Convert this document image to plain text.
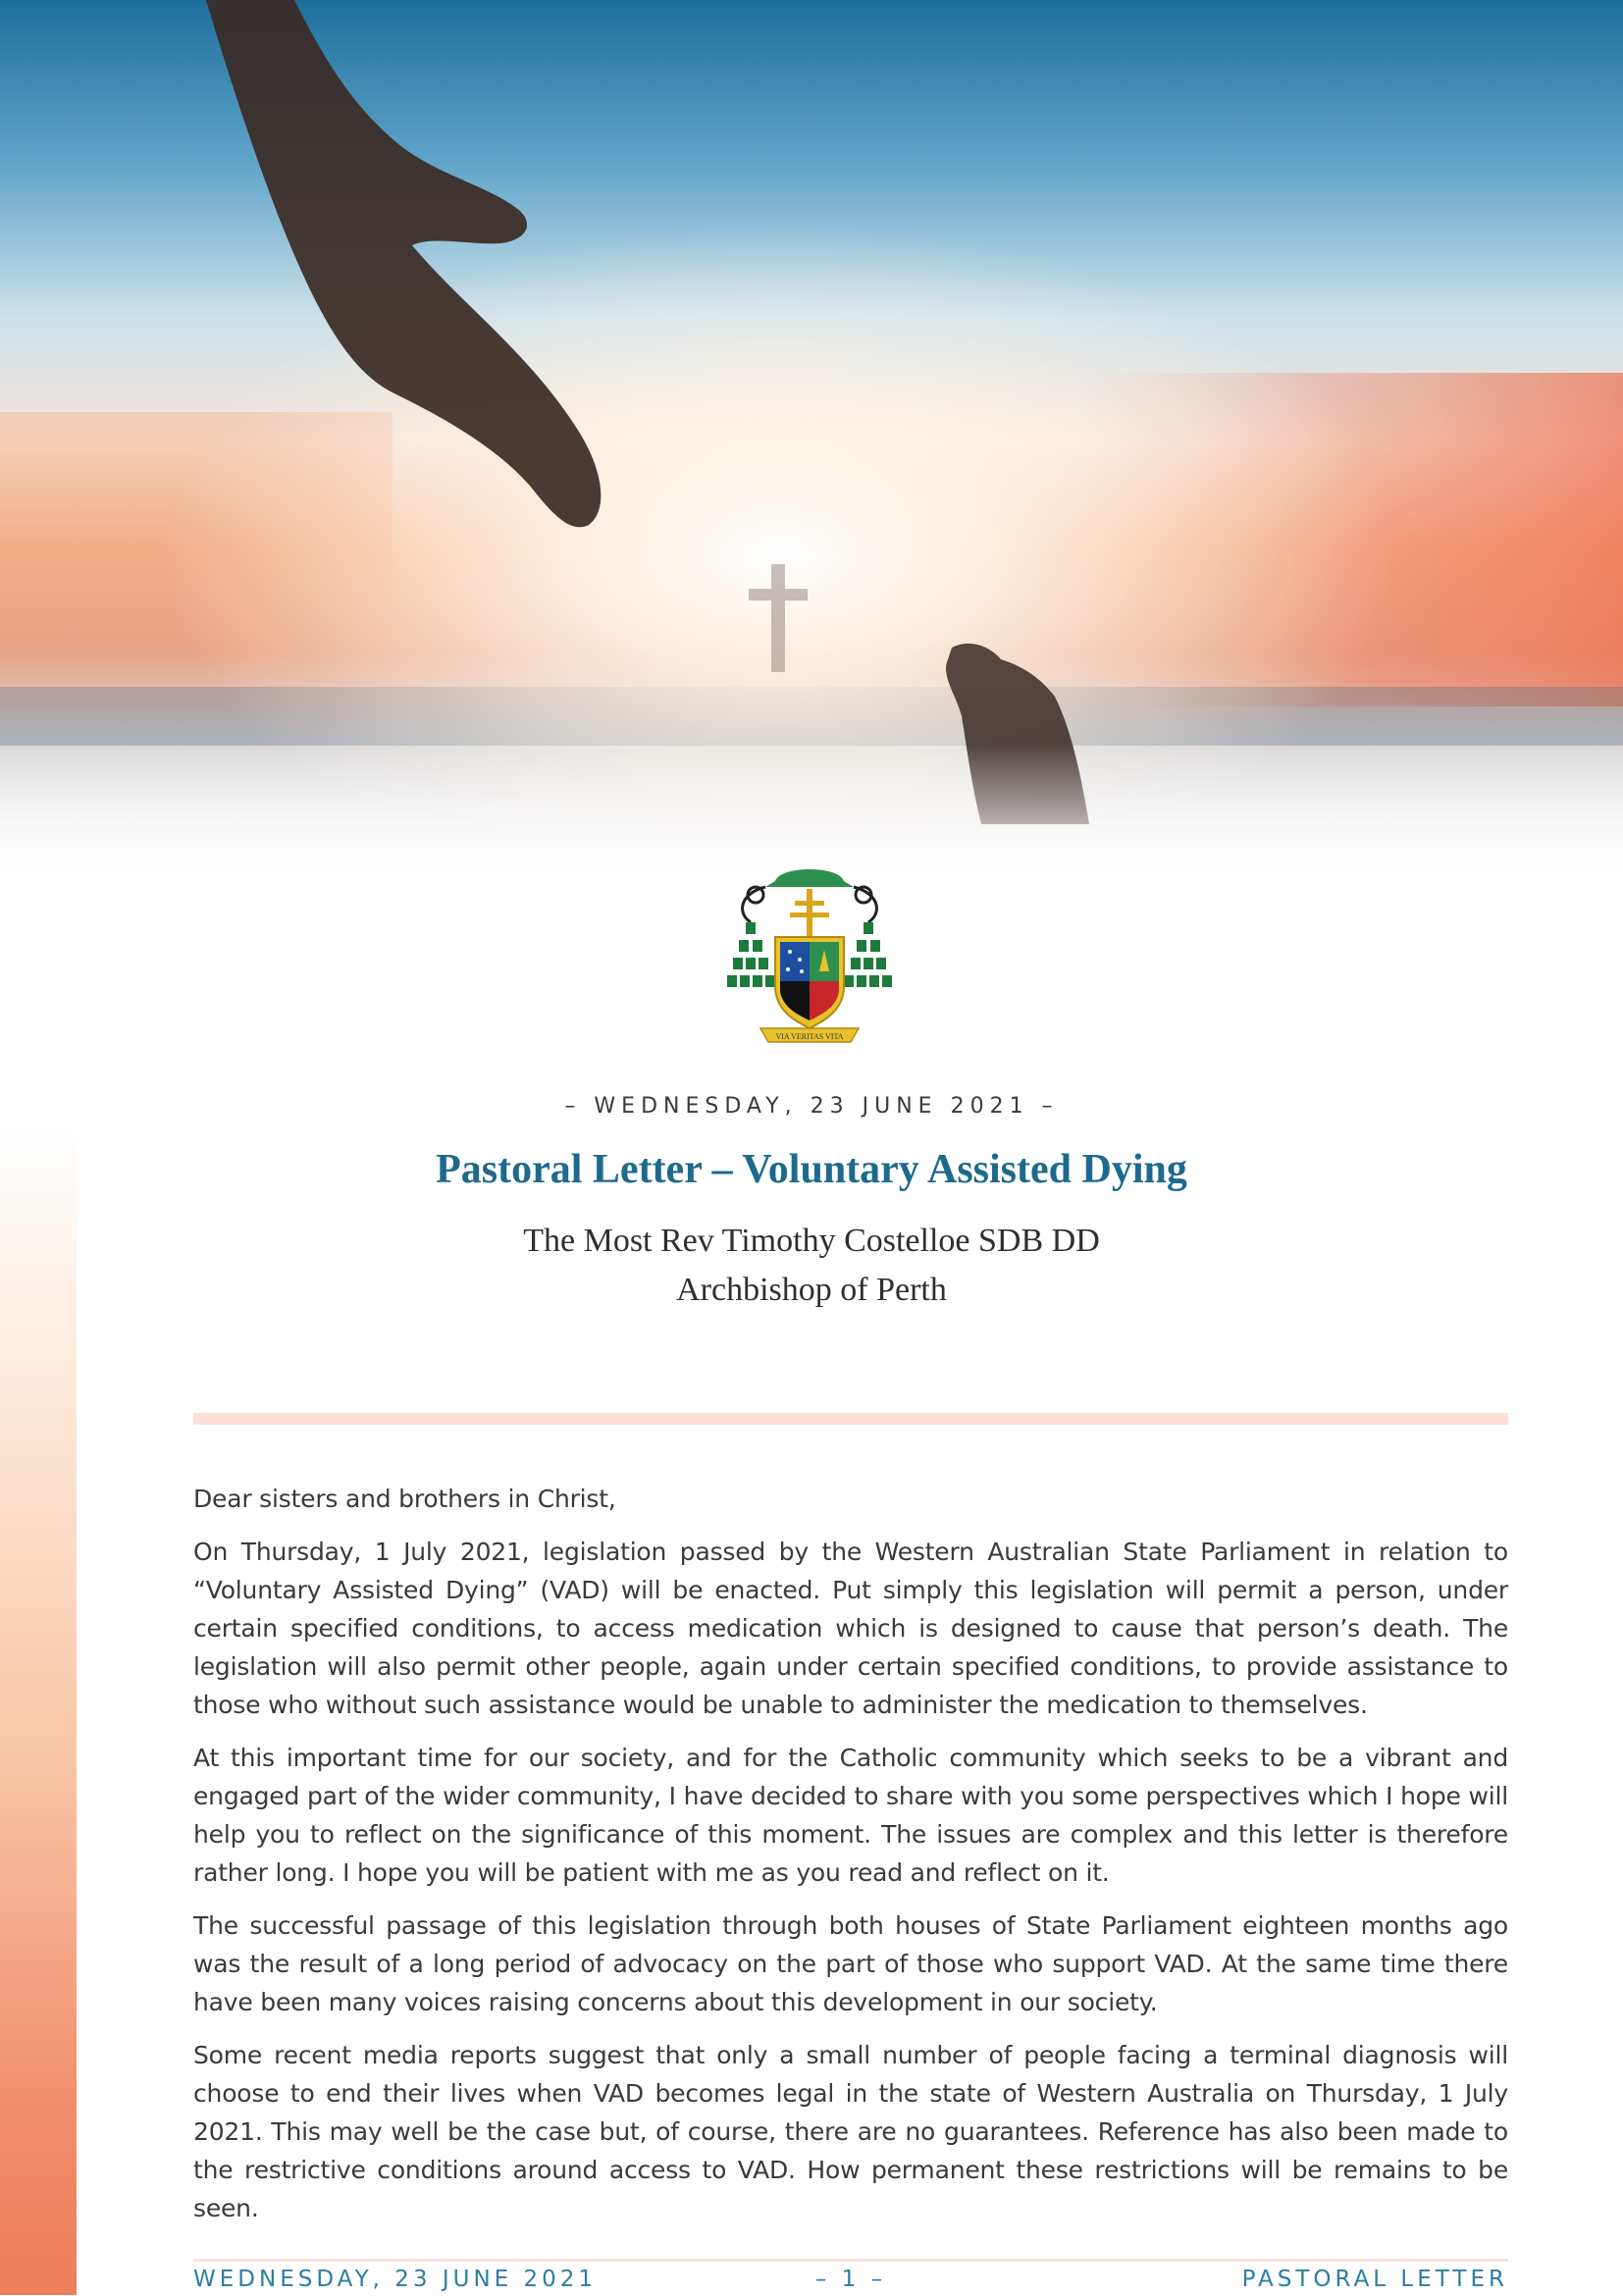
VIA VERITAS VITA
– WEDNESDAY, 23 JUNE 2021 –
Pastoral Letter – Voluntary Assisted Dying
The Most Rev Timothy Costelloe SDB DD
Archbishop of Perth

Dear sisters and brothers in Christ,

On Thursday, 1 July 2021, legislation passed by the Western Australian State Parliament in relation to “Voluntary Assisted Dying” (VAD) will be enacted. Put simply this legislation will permit a person, under certain specified conditions, to access medication which is designed to cause that person’s death. The legislation will also permit other people, again under certain specified conditions, to provide assistance to those who without such assistance would be unable to administer the medication to themselves.

At this important time for our society, and for the Catholic community which seeks to be a vibrant and engaged part of the wider community, I have decided to share with you some perspectives which I hope will help you to reflect on the significance of this moment. The issues are complex and this letter is therefore rather long. I hope you will be patient with me as you read and reflect on it.

The successful passage of this legislation through both houses of State Parliament eighteen months ago was the result of a long period of advocacy on the part of those who support VAD. At the same time there have been many voices raising concerns about this development in our society.

Some recent media reports suggest that only a small number of people facing a terminal diagnosis will choose to end their lives when VAD becomes legal in the state of Western Australia on Thursday, 1 July 2021. This may well be the case but, of course, there are no guarantees. Reference has also been made to the restrictive conditions around access to VAD. How permanent these restrictions will be remains to be seen.

WEDNESDAY, 23 JUNE 2021	– 1 –	PASTORAL LETTER
